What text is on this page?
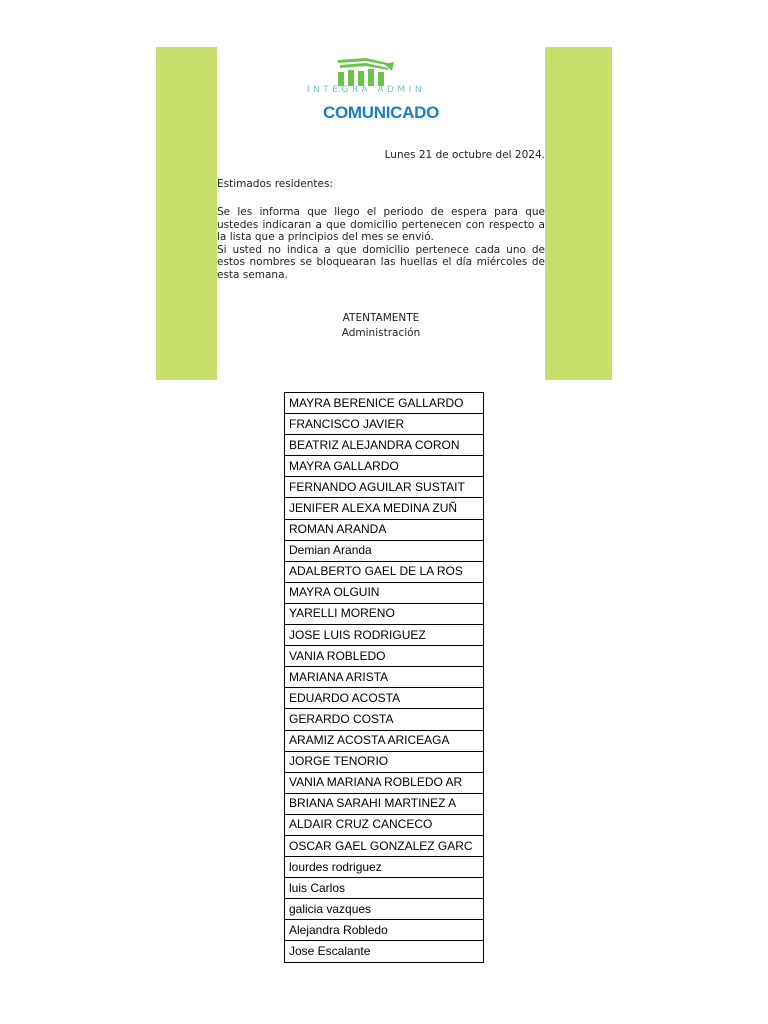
INTEGRA ADMIN
COMUNICADO
Lunes 21 de octubre del 2024.
Estimados residentes:

Se les informa que llego el periodo de espera para que ustedes indicaran a que domicilio pertenecen con respecto a la lista que a principios del mes se envió.

Si usted no indica a que domicilio pertenece cada uno de estos nombres se bloquearan las huellas el día miércoles de esta semana.

ATENTAMENTE
Administración
MAYRA BERENICE GALLARDO
FRANCISCO JAVIER
BEATRIZ ALEJANDRA CORON
MAYRA GALLARDO
FERNANDO AGUILAR SUSTAIT
JENIFER ALEXA MEDINA ZUÑ
ROMAN ARANDA
Demian Aranda
ADALBERTO GAEL DE LA ROS
MAYRA OLGUIN
YARELLI MORENO
JOSE LUIS RODRIGUEZ
VANIA ROBLEDO
MARIANA ARISTA
EDUARDO ACOSTA
GERARDO COSTA
ARAMIZ ACOSTA ARICEAGA
JORGE TENORIO
VANIA MARIANA ROBLEDO AR
BRIANA SARAHI MARTINEZ A
ALDAIR CRUZ CANCECO
OSCAR GAEL GONZALEZ GARC
lourdes rodriguez
luis Carlos
galicia vazques
Alejandra Robledo
Jose Escalante
